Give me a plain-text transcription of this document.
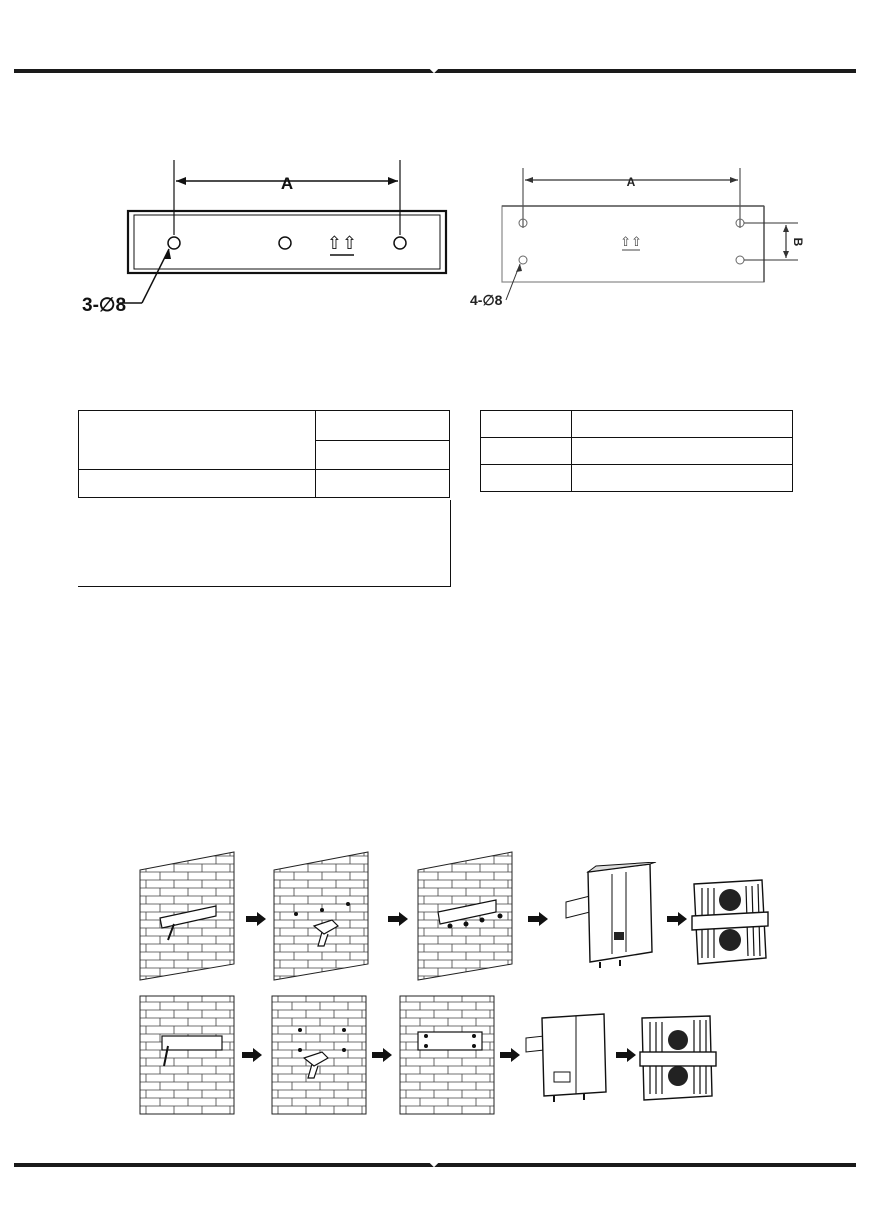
A
⇧⇧
3-∅8
A
⇧⇧	B
4-∅8
